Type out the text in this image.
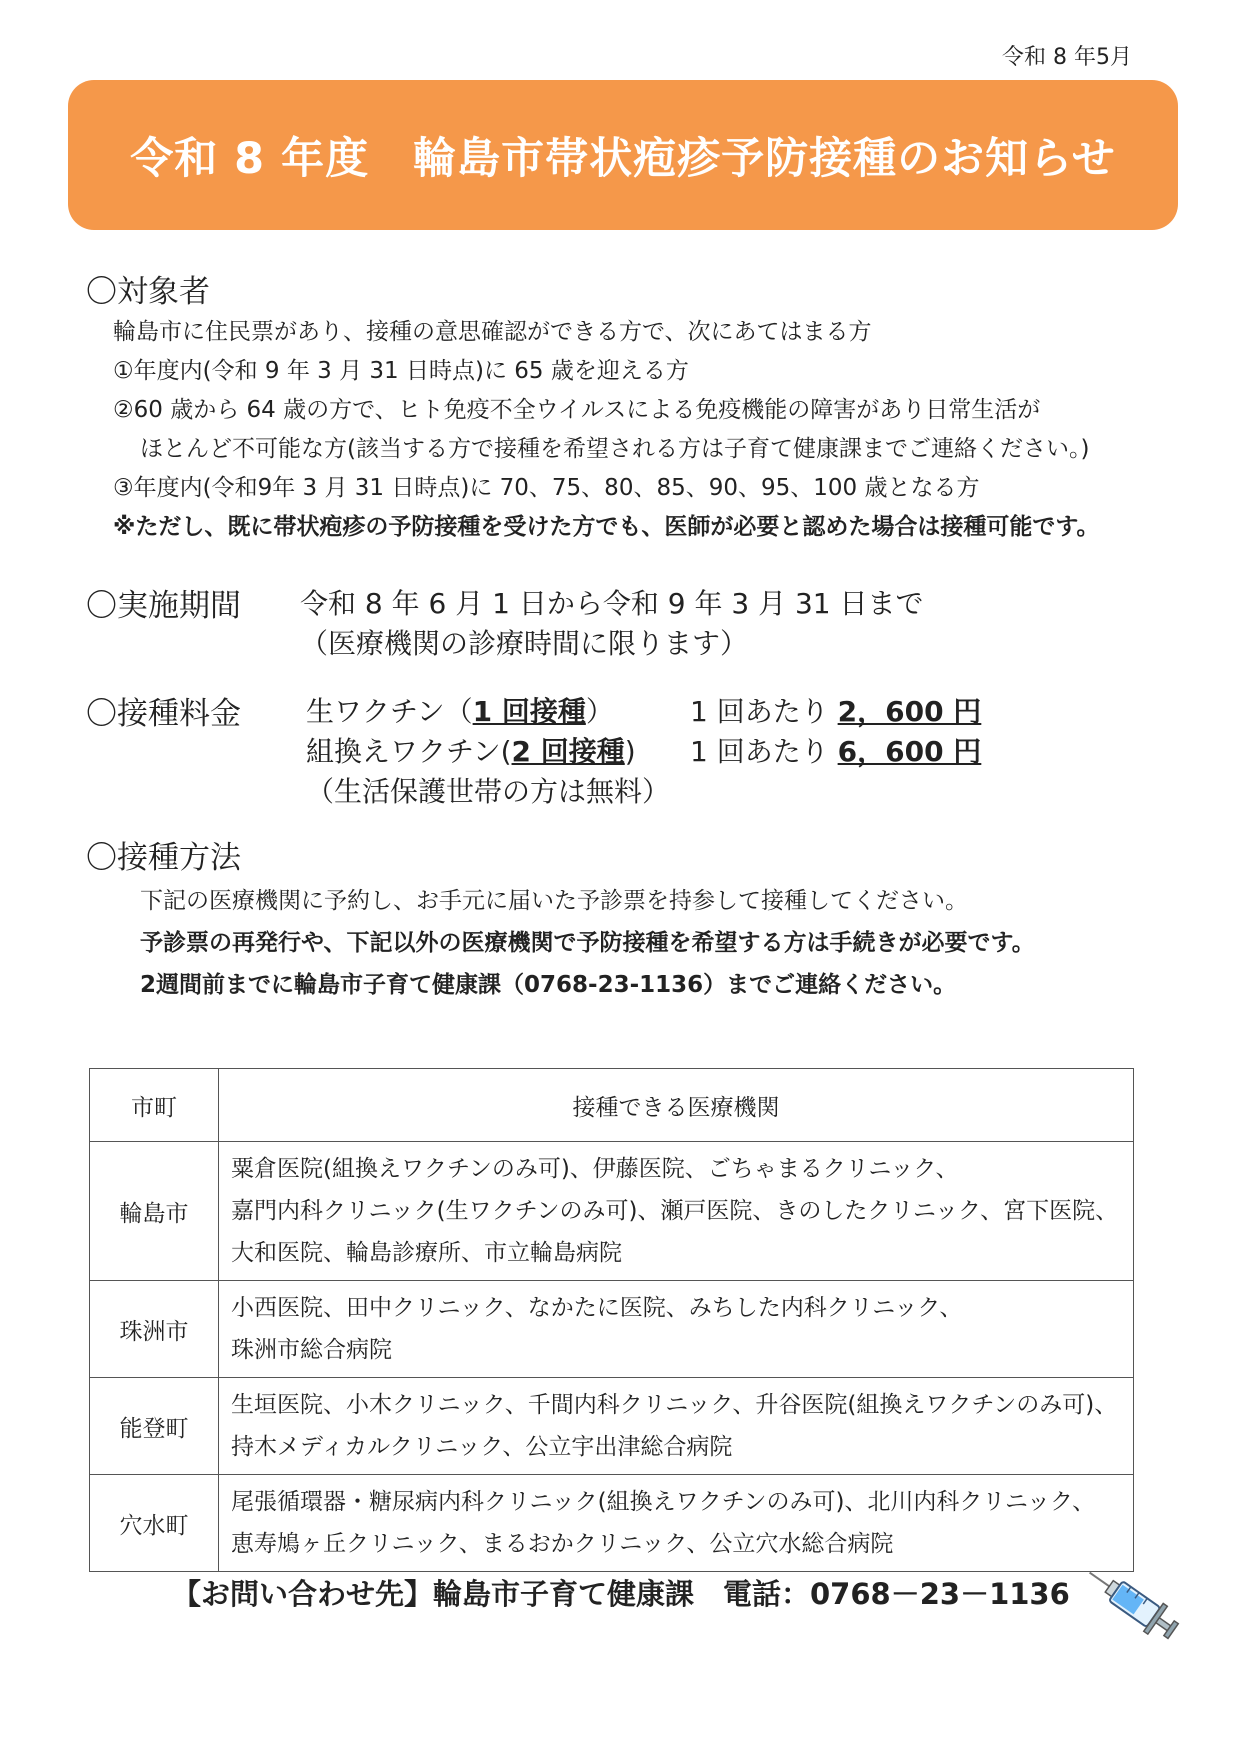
令和 8 年5月
令和 8 年度　輪島市帯状疱疹予防接種のお知らせ
〇対象者
輪島市に住民票があり、接種の意思確認ができる方で、次にあてはまる方
①年度内(令和 9 年 3 月 31 日時点)に 65 歳を迎える方
②60 歳から 64 歳の方で、ヒト免疫不全ウイルスによる免疫機能の障害があり日常生活が
ほとんど不可能な方(該当する方で接種を希望される方は子育て健康課までご連絡ください。)
③年度内(令和9年 3 月 31 日時点)に 70、75、80、85、90、95、100 歳となる方
※ただし、既に帯状疱疹の予防接種を受けた方でも、医師が必要と認めた場合は接種可能です。
〇実施期間 令和 8 年 6 月 1 日から令和 9 年 3 月 31 日まで
（医療機関の診療時間に限ります）
〇接種料金 生ワクチン（1 回接種）	1 回あたり 2，600 円
組換えワクチン(2 回接種) 1 回あたり 6，600 円
（生活保護世帯の方は無料）
〇接種方法
下記の医療機関に予約し、お手元に届いた予診票を持参して接種してください。
予診票の再発行や、下記以外の医療機関で予防接種を希望する方は手続きが必要です。
2週間前までに輪島市子育て健康課（0768-23-1136）までご連絡ください。
市町	接種できる医療機関
輪島市	粟倉医院(組換えワクチンのみ可)、伊藤医院、ごちゃまるクリニック、
嘉門内科クリニック(生ワクチンのみ可)、瀬戸医院、きのしたクリニック、宮下医院、
大和医院、輪島診療所、市立輪島病院

珠洲市	小西医院、田中クリニック、なかたに医院、みちした内科クリニック、
珠洲市総合病院

能登町	生垣医院、小木クリニック、千間内科クリニック、升谷医院(組換えワクチンのみ可)、
持木メディカルクリニック、公立宇出津総合病院

穴水町	尾張循環器・糖尿病内科クリニック(組換えワクチンのみ可)、北川内科クリニック、
恵寿鳩ヶ丘クリニック、まるおかクリニック、公立穴水総合病院
【お問い合わせ先】輪島市子育て健康課　電話：0768－23－1136
